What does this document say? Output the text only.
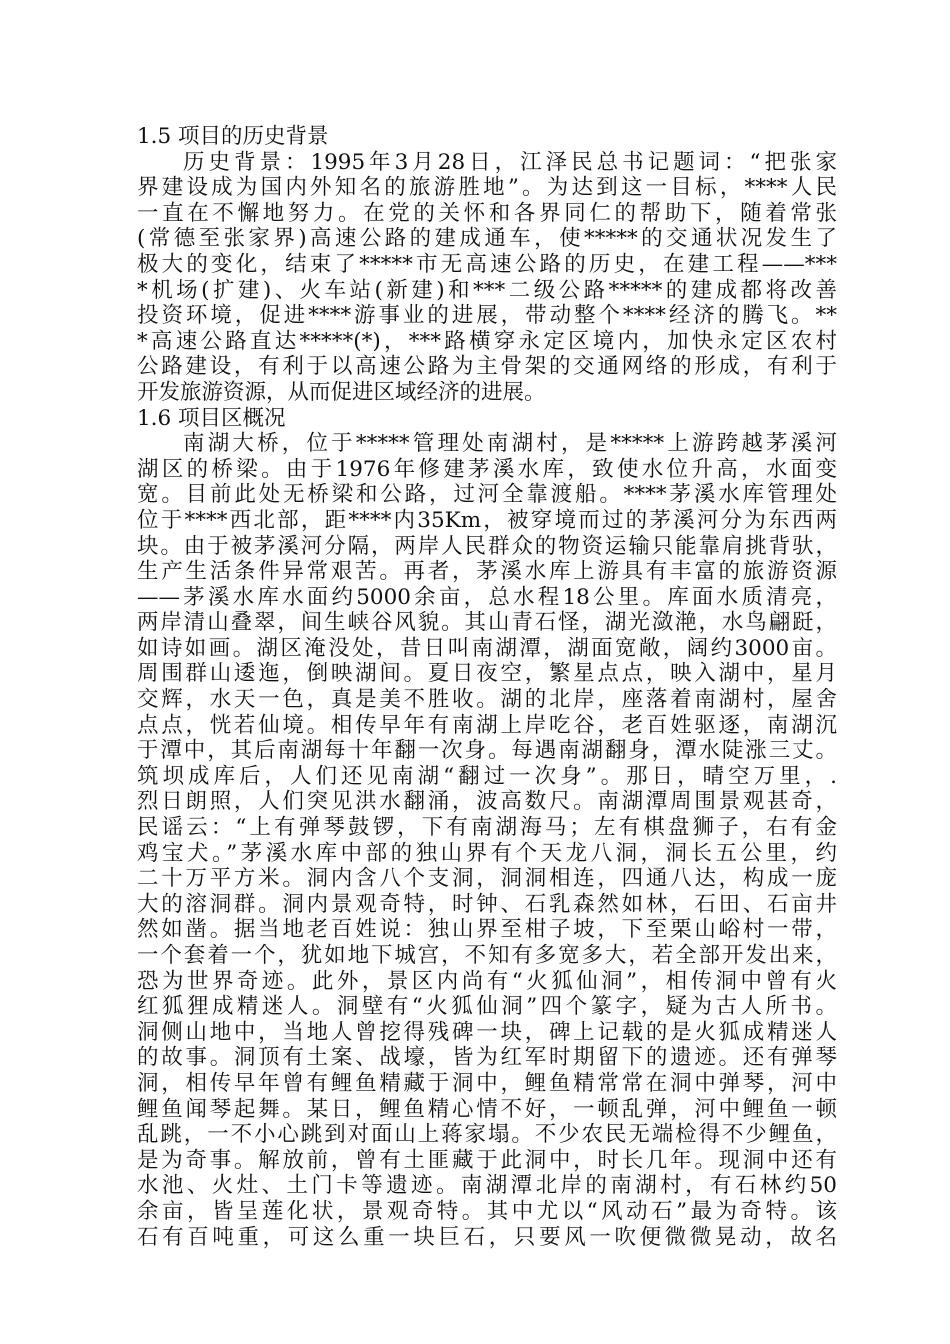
1.5 项目的历史背景
历史背景：1995年3月28日，江泽民总书记题词：“把张家
界建设成为国内外知名的旅游胜地”。为达到这一目标，****人民
一直在不懈地努力。在党的关怀和各界同仁的帮助下，随着常张
(常德至张家界)高速公路的建成通车，使*****的交通状况发生了
极大的变化，结束了*****市无高速公路的历史，在建工程——***
*机场(扩建)、火车站(新建)和***二级公路*****的建成都将改善
投资环境，促进****游事业的进展，带动整个****经济的腾飞。**
*高速公路直达*****(*)，***路横穿永定区境内，加快永定区农村
公路建设，有利于以高速公路为主骨架的交通网络的形成，有利于
开发旅游资源，从而促进区域经济的进展。
1.6 项目区概况
南湖大桥，位于*****管理处南湖村，是*****上游跨越茅溪河
湖区的桥梁。由于1976年修建茅溪水库，致使水位升高，水面变
宽。目前此处无桥梁和公路，过河全靠渡船。****茅溪水库管理处
位于****西北部，距****内35Km，被穿境而过的茅溪河分为东西两
块。由于被茅溪河分隔，两岸人民群众的物资运输只能靠肩挑背驮，
生产生活条件异常艰苦。再者，茅溪水库上游具有丰富的旅游资源
——茅溪水库水面约5000余亩，总水程18公里。库面水质清亮，
两岸清山叠翠，间生峡谷风貌。其山青石怪，湖光潋滟，水鸟翩跹，
如诗如画。湖区淹没处，昔日叫南湖潭，湖面宽敞，阔约3000亩。
周围群山逶迤，倒映湖间。夏日夜空，繁星点点，映入湖中，星月
交辉，水天一色，真是美不胜收。湖的北岸，座落着南湖村，屋舍
点点，恍若仙境。相传早年有南湖上岸吃谷，老百姓驱逐，南湖沉
于潭中，其后南湖每十年翻一次身。每遇南湖翻身，潭水陡涨三丈。
筑坝成库后，人们还见南湖“翻过一次身”。那日，晴空万里，.
烈日朗照，人们突见洪水翻涌，波高数尺。南湖潭周围景观甚奇，
民谣云：“上有弹琴鼓锣，下有南湖海马；左有棋盘狮子，右有金
鸡宝犬。”茅溪水库中部的独山界有个天龙八洞，洞长五公里，约
二十万平方米。洞内含八个支洞，洞洞相连，四通八达，构成一庞
大的溶洞群。洞内景观奇特，时钟、石乳森然如林，石田、石亩井
然如凿。据当地老百姓说：独山界至柑子坡，下至栗山峪村一带，
一个套着一个，犹如地下城宫，不知有多宽多大，若全部开发出来，
恐为世界奇迹。此外，景区内尚有“火狐仙洞”，相传洞中曾有火
红狐狸成精迷人。洞壁有“火狐仙洞”四个篆字，疑为古人所书。
洞侧山地中，当地人曾挖得残碑一块，碑上记载的是火狐成精迷人
的故事。洞顶有土案、战壕，皆为红军时期留下的遗迹。还有弹琴
洞，相传早年曾有鲤鱼精藏于洞中，鲤鱼精常常在洞中弹琴，河中
鲤鱼闻琴起舞。某日，鲤鱼精心情不好，一顿乱弹，河中鲤鱼一顿
乱跳，一不小心跳到对面山上蒋家塌。不少农民无端检得不少鲤鱼，
是为奇事。解放前，曾有土匪藏于此洞中，时长几年。现洞中还有
水池、火灶、土门卡等遗迹。南湖潭北岸的南湖村，有石林约50
余亩，皆呈莲化状，景观奇特。其中尤以“风动石”最为奇特。该
石有百吨重，可这么重一块巨石，只要风一吹便微微晃动，故名
